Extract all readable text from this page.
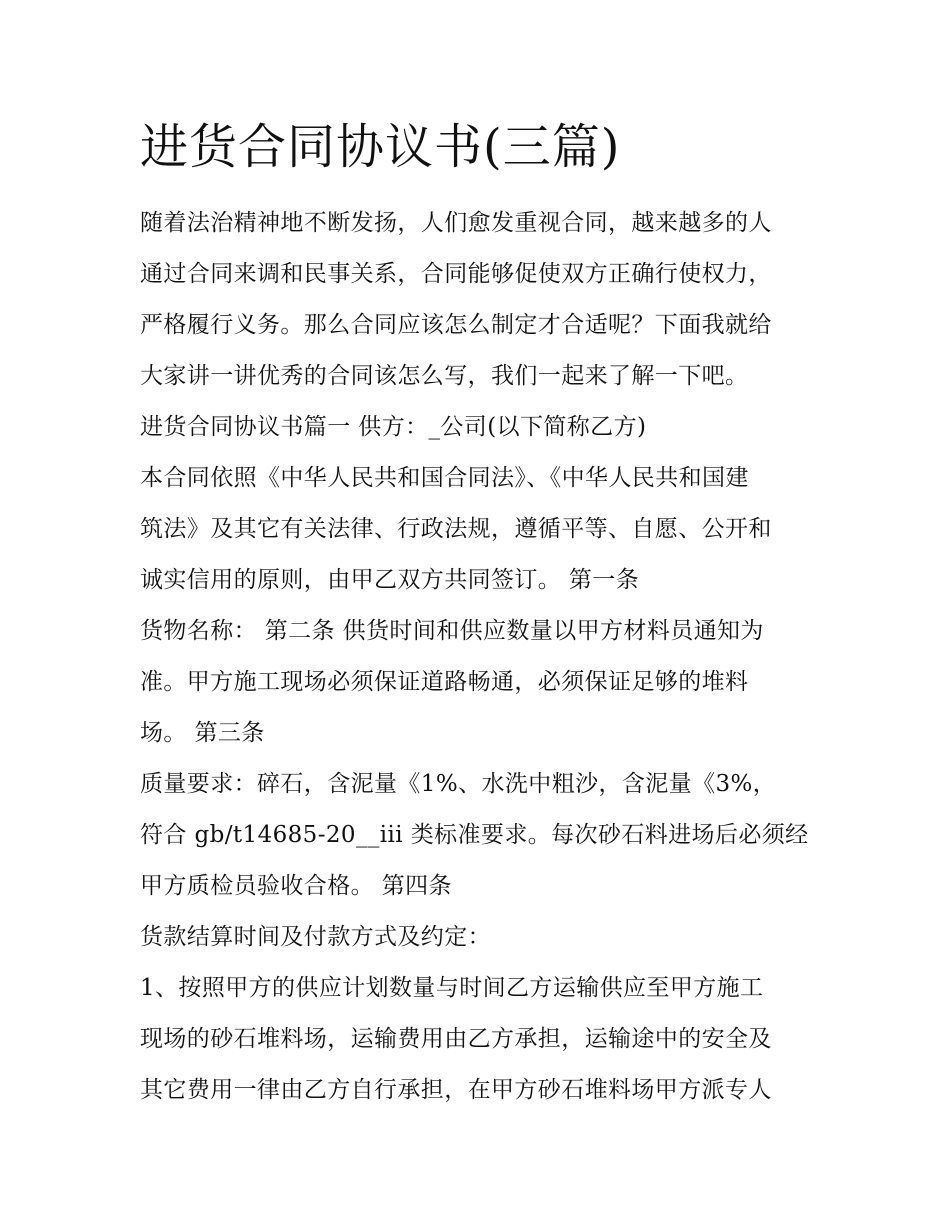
进货合同协议书(三篇)
随着法治精神地不断发扬，人们愈发重视合同，越来越多的人
通过合同来调和民事关系，合同能够促使双方正确行使权力，
严格履行义务。那么合同应该怎么制定才合适呢？下面我就给
大家讲一讲优秀的合同该怎么写，我们一起来了解一下吧。
进货合同协议书篇一 供方：_公司(以下简称乙方)
本合同依照《中华人民共和国合同法》、《中华人民共和国建
筑法》及其它有关法律、行政法规，遵循平等、自愿、公开和
诚实信用的原则，由甲乙双方共同签订。 第一条
货物名称： 第二条 供货时间和供应数量以甲方材料员通知为
准。甲方施工现场必须保证道路畅通，必须保证足够的堆料
场。 第三条
质量要求：碎石，含泥量《1%、水洗中粗沙，含泥量《3%，
符合 gb/t14685-20__iii 类标准要求。每次砂石料进场后必须经
甲方质检员验收合格。 第四条
货款结算时间及付款方式及约定：
1、按照甲方的供应计划数量与时间乙方运输供应至甲方施工
现场的砂石堆料场，运输费用由乙方承担，运输途中的安全及
其它费用一律由乙方自行承担，在甲方砂石堆料场甲方派专人
